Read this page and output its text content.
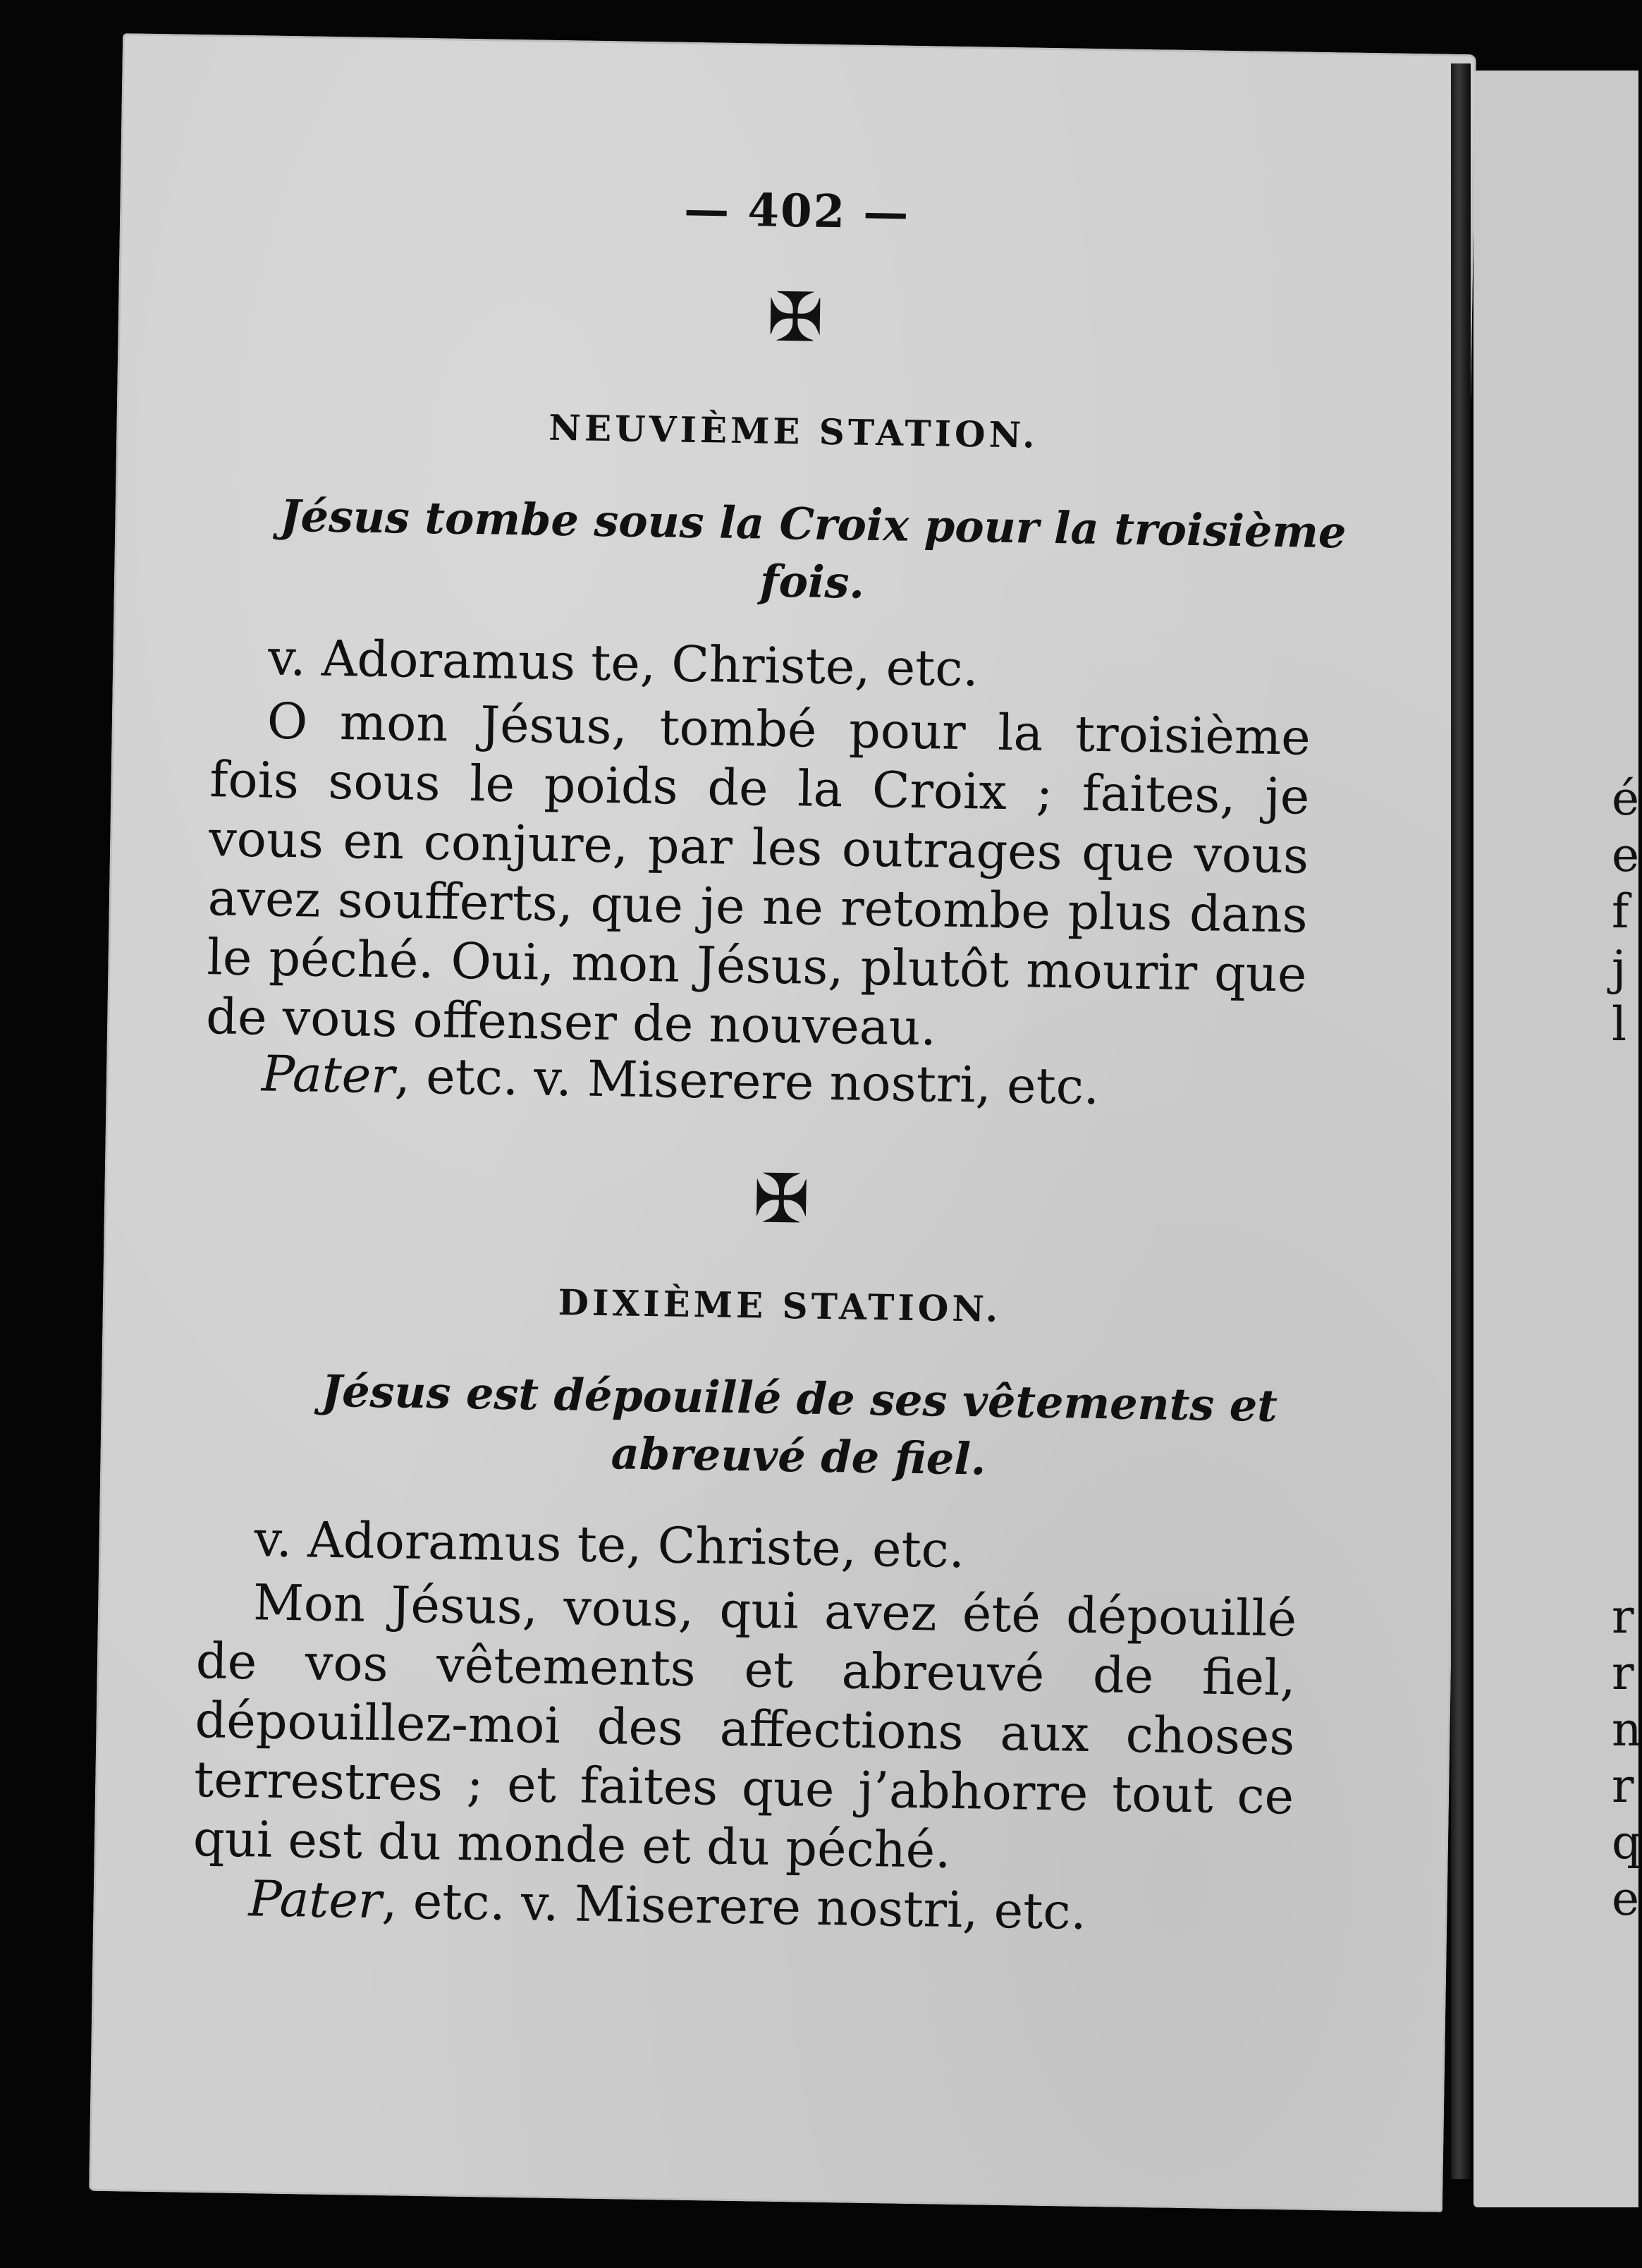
é

e

f

j

l

r

r

n

r

q

e

— 402 —

✠

NEUVIÈME STATION.

Jésus tombe sous la Croix pour la troisième fois.

v. Adoramus te, Christe, etc.

O mon Jésus, tombé pour la troisième fois sous le poids de la Croix ; faites, je vous en conjure, par les outrages que vous avez soufferts, que je ne retombe plus dans le péché. Oui, mon Jésus, plutôt mourir que de vous offenser de nouveau.

Pater, etc. v. Miserere nostri, etc.

✠

DIXIÈME STATION.

Jésus est dépouillé de ses vêtements et abreuvé de fiel.

v. Adoramus te, Christe, etc.

Mon Jésus, vous, qui avez été dépouillé de vos vêtements et abreuvé de fiel, dépouillez-moi des affections aux choses terrestres ; et faites que j’abhorre tout ce qui est du monde et du péché.

Pater, etc. v. Miserere nostri, etc.
